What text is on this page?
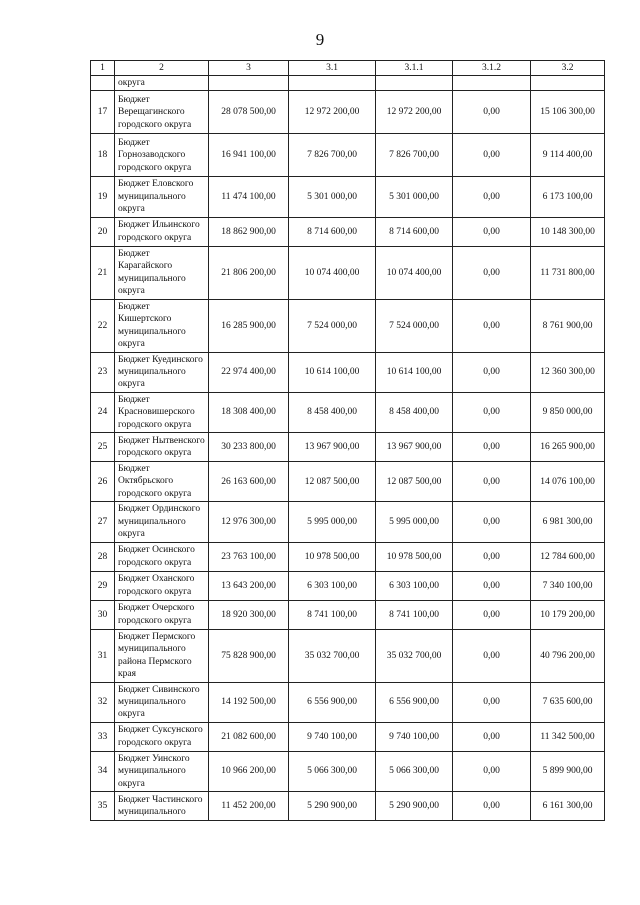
9
1	2	3	3.1	3.1.1	3.1.2	3.2
	округа					
17	Бюджет Верещагинского городского округа	28 078 500,00	12 972 200,00	12 972 200,00	0,00	15 106 300,00
18	Бюджет Горнозаводского городского округа	16 941 100,00	7 826 700,00	7 826 700,00	0,00	9 114 400,00
19	Бюджет Еловского муниципального округа	11 474 100,00	5 301 000,00	5 301 000,00	0,00	6 173 100,00
20	Бюджет Ильинского городского округа	18 862 900,00	8 714 600,00	8 714 600,00	0,00	10 148 300,00
21	Бюджет Карагайского муниципального округа	21 806 200,00	10 074 400,00	10 074 400,00	0,00	11 731 800,00
22	Бюджет Кишертского муниципального округа	16 285 900,00	7 524 000,00	7 524 000,00	0,00	8 761 900,00
23	Бюджет Куединского муниципального округа	22 974 400,00	10 614 100,00	10 614 100,00	0,00	12 360 300,00
24	Бюджет Красновишерского городского округа	18 308 400,00	8 458 400,00	8 458 400,00	0,00	9 850 000,00
25	Бюджет Нытвенского городского округа	30 233 800,00	13 967 900,00	13 967 900,00	0,00	16 265 900,00
26	Бюджет Октябрьского городского округа	26 163 600,00	12 087 500,00	12 087 500,00	0,00	14 076 100,00
27	Бюджет Ординского муниципального округа	12 976 300,00	5 995 000,00	5 995 000,00	0,00	6 981 300,00
28	Бюджет Осинского городского округа	23 763 100,00	10 978 500,00	10 978 500,00	0,00	12 784 600,00
29	Бюджет Оханского городского округа	13 643 200,00	6 303 100,00	6 303 100,00	0,00	7 340 100,00
30	Бюджет Очерского городского округа	18 920 300,00	8 741 100,00	8 741 100,00	0,00	10 179 200,00
31	Бюджет Пермского муниципального района Пермского края	75 828 900,00	35 032 700,00	35 032 700,00	0,00	40 796 200,00
32	Бюджет Сивинского муниципального округа	14 192 500,00	6 556 900,00	6 556 900,00	0,00	7 635 600,00
33	Бюджет Суксунского городского округа	21 082 600,00	9 740 100,00	9 740 100,00	0,00	11 342 500,00
34	Бюджет Уинского муниципального округа	10 966 200,00	5 066 300,00	5 066 300,00	0,00	5 899 900,00
35	Бюджет Частинского муниципального	11 452 200,00	5 290 900,00	5 290 900,00	0,00	6 161 300,00
